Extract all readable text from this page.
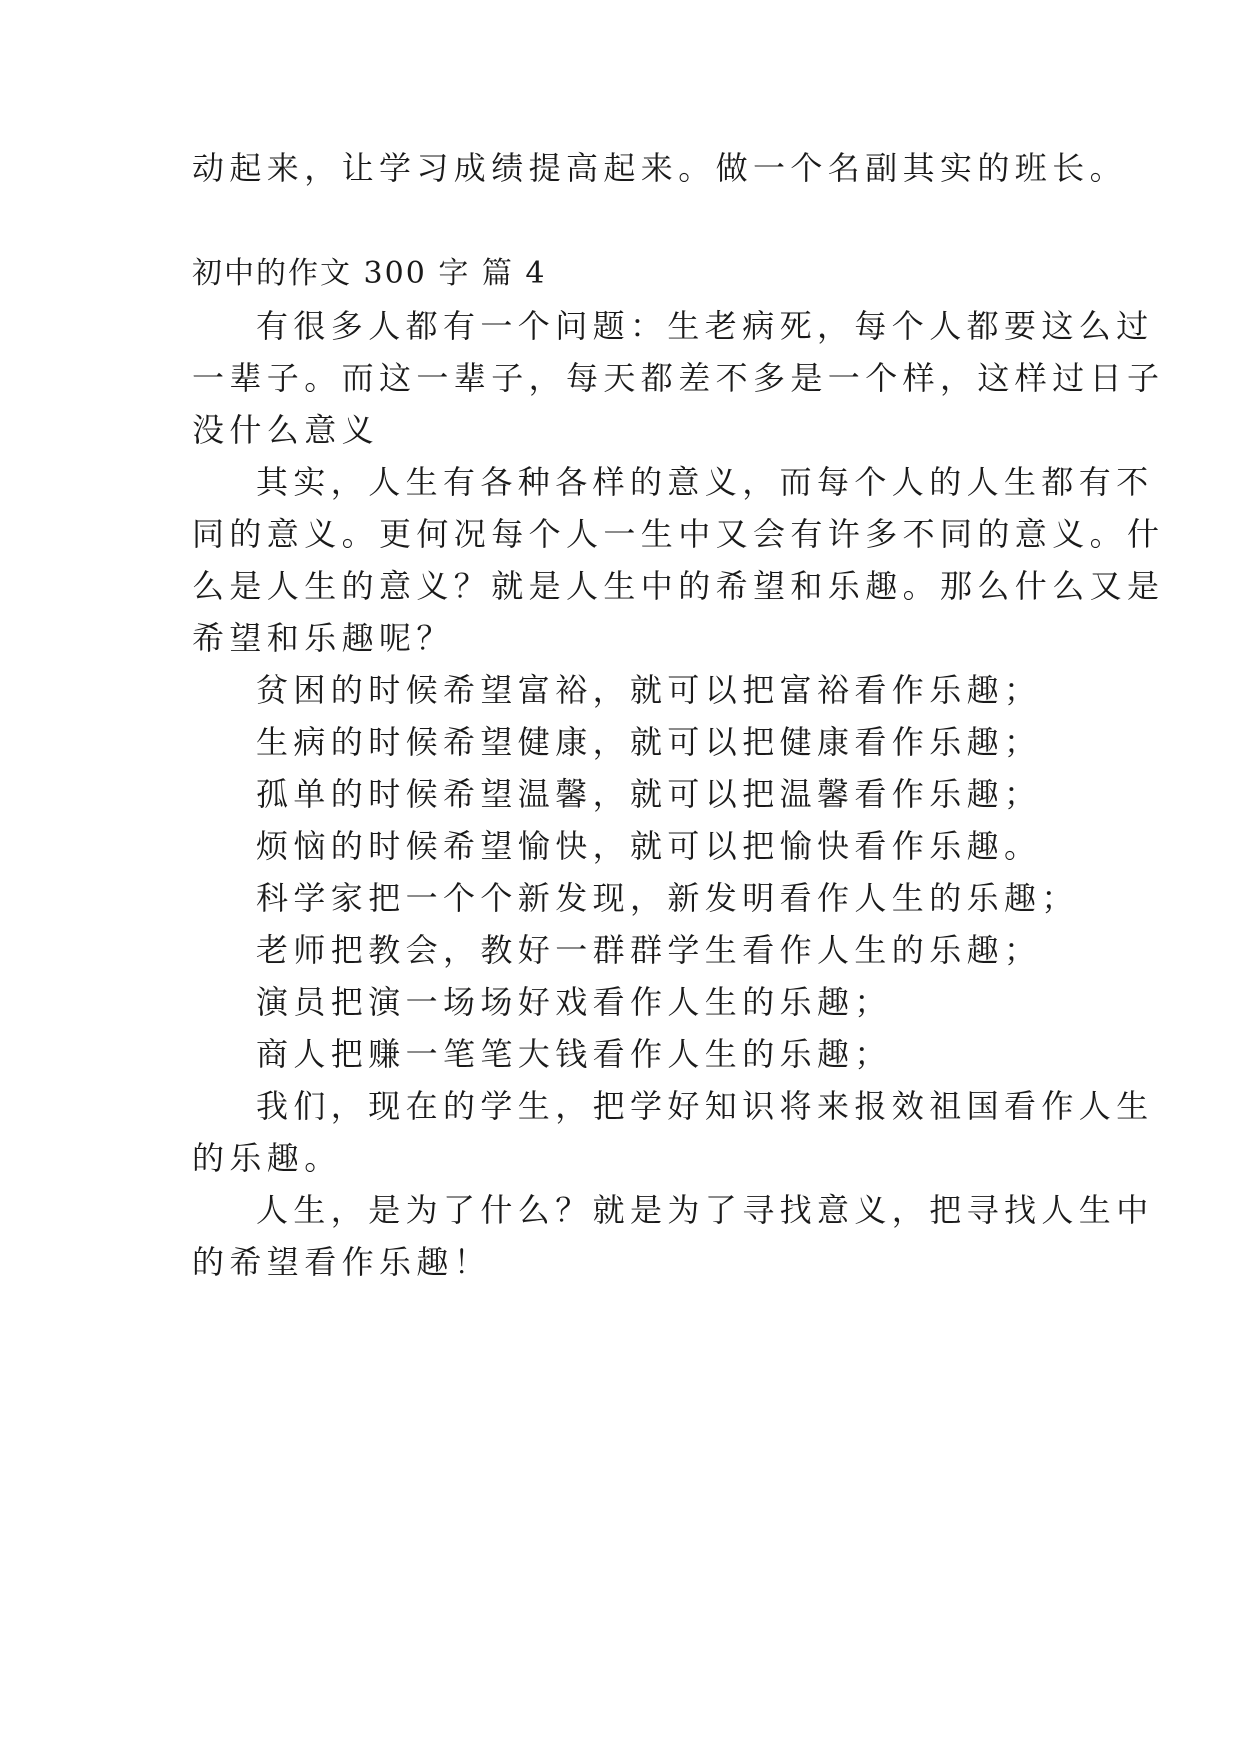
动起来，让学习成绩提高起来。做一个名副其实的班长。

初中的作文 300 字 篇 4

有很多人都有一个问题：生老病死，每个人都要这么过

一辈子。而这一辈子，每天都差不多是一个样，这样过日子

没什么意义

其实，人生有各种各样的意义，而每个人的人生都有不

同的意义。更何况每个人一生中又会有许多不同的意义。什

么是人生的意义？就是人生中的希望和乐趣。那么什么又是

希望和乐趣呢？

贫困的时候希望富裕，就可以把富裕看作乐趣；

生病的时候希望健康，就可以把健康看作乐趣；

孤单的时候希望温馨，就可以把温馨看作乐趣；

烦恼的时候希望愉快，就可以把愉快看作乐趣。

科学家把一个个新发现，新发明看作人生的乐趣；

老师把教会，教好一群群学生看作人生的乐趣；

演员把演一场场好戏看作人生的乐趣；

商人把赚一笔笔大钱看作人生的乐趣；

我们，现在的学生，把学好知识将来报效祖国看作人生

的乐趣。

人生，是为了什么？就是为了寻找意义，把寻找人生中

的希望看作乐趣！
